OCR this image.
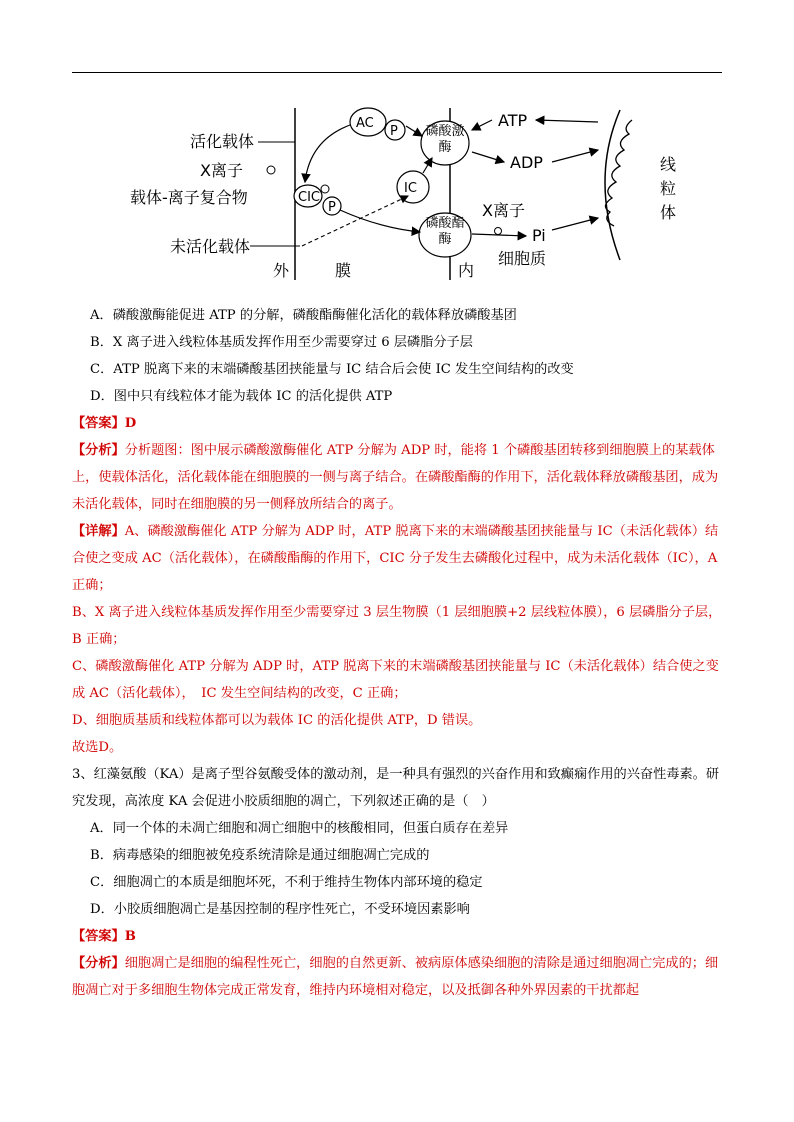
活化载体
X离子
载体-离子复合物
未活化载体
外	膜	内
细胞质
AC
P
CIC
P
IC
磷酸激酶
磷酸酯酶
ATP
ADP
X离子
Pi
线
粒
体

A．磷酸激酶能促进 ATP 的分解，磷酸酯酶催化活化的载体释放磷酸基团

B．X 离子进入线粒体基质发挥作用至少需要穿过 6 层磷脂分子层

C．ATP 脱离下来的末端磷酸基团挟能量与 IC 结合后会使 IC 发生空间结构的改变

D．图中只有线粒体才能为载体 IC 的活化提供 ATP

【答案】D

【分析】分析题图：图中展示磷酸激酶催化 ATP 分解为 ADP 时，能将 1 个磷酸基团转移到细胞膜上的某载体上，使载体活化，活化载体能在细胞膜的一侧与离子结合。在磷酸酯酶的作用下，活化载体释放磷酸基团，成为未活化载体，同时在细胞膜的另一侧释放所结合的离子。

【详解】A、磷酸激酶催化 ATP 分解为 ADP 时，ATP 脱离下来的末端磷酸基团挟能量与 IC（未活化载体）结合使之变成 AC（活化载体），在磷酸酯酶的作用下，CIC 分子发生去磷酸化过程中，成为未活化载体（IC），A 正确；

B、X 离子进入线粒体基质发挥作用至少需要穿过 3 层生物膜（1 层细胞膜+2 层线粒体膜），6 层磷脂分子层，B 正确；

C、磷酸激酶催化 ATP 分解为 ADP 时，ATP 脱离下来的末端磷酸基团挟能量与 IC（未活化载体）结合使之变成 AC（活化载体），　IC 发生空间结构的改变，C 正确；

D、细胞质基质和线粒体都可以为载体 IC 的活化提供 ATP，D 错误。

故选D。

3、红藻氨酸（KA）是离子型谷氨酸受体的激动剂，是一种具有强烈的兴奋作用和致癫痫作用的兴奋性毒素。研究发现，高浓度 KA 会促进小胶质细胞的凋亡，下列叙述正确的是（　）

A．同一个体的未凋亡细胞和凋亡细胞中的核酸相同，但蛋白质存在差异

B．病毒感染的细胞被免疫系统清除是通过细胞凋亡完成的

C．细胞凋亡的本质是细胞坏死，不利于维持生物体内部环境的稳定

D．小胶质细胞凋亡是基因控制的程序性死亡，不受环境因素影响

【答案】B

【分析】细胞凋亡是细胞的编程性死亡，细胞的自然更新、被病原体感染细胞的清除是通过细胞凋亡完成的；细胞凋亡对于多细胞生物体完成正常发育，维持内环境相对稳定，以及抵御各种外界因素的干扰都起
